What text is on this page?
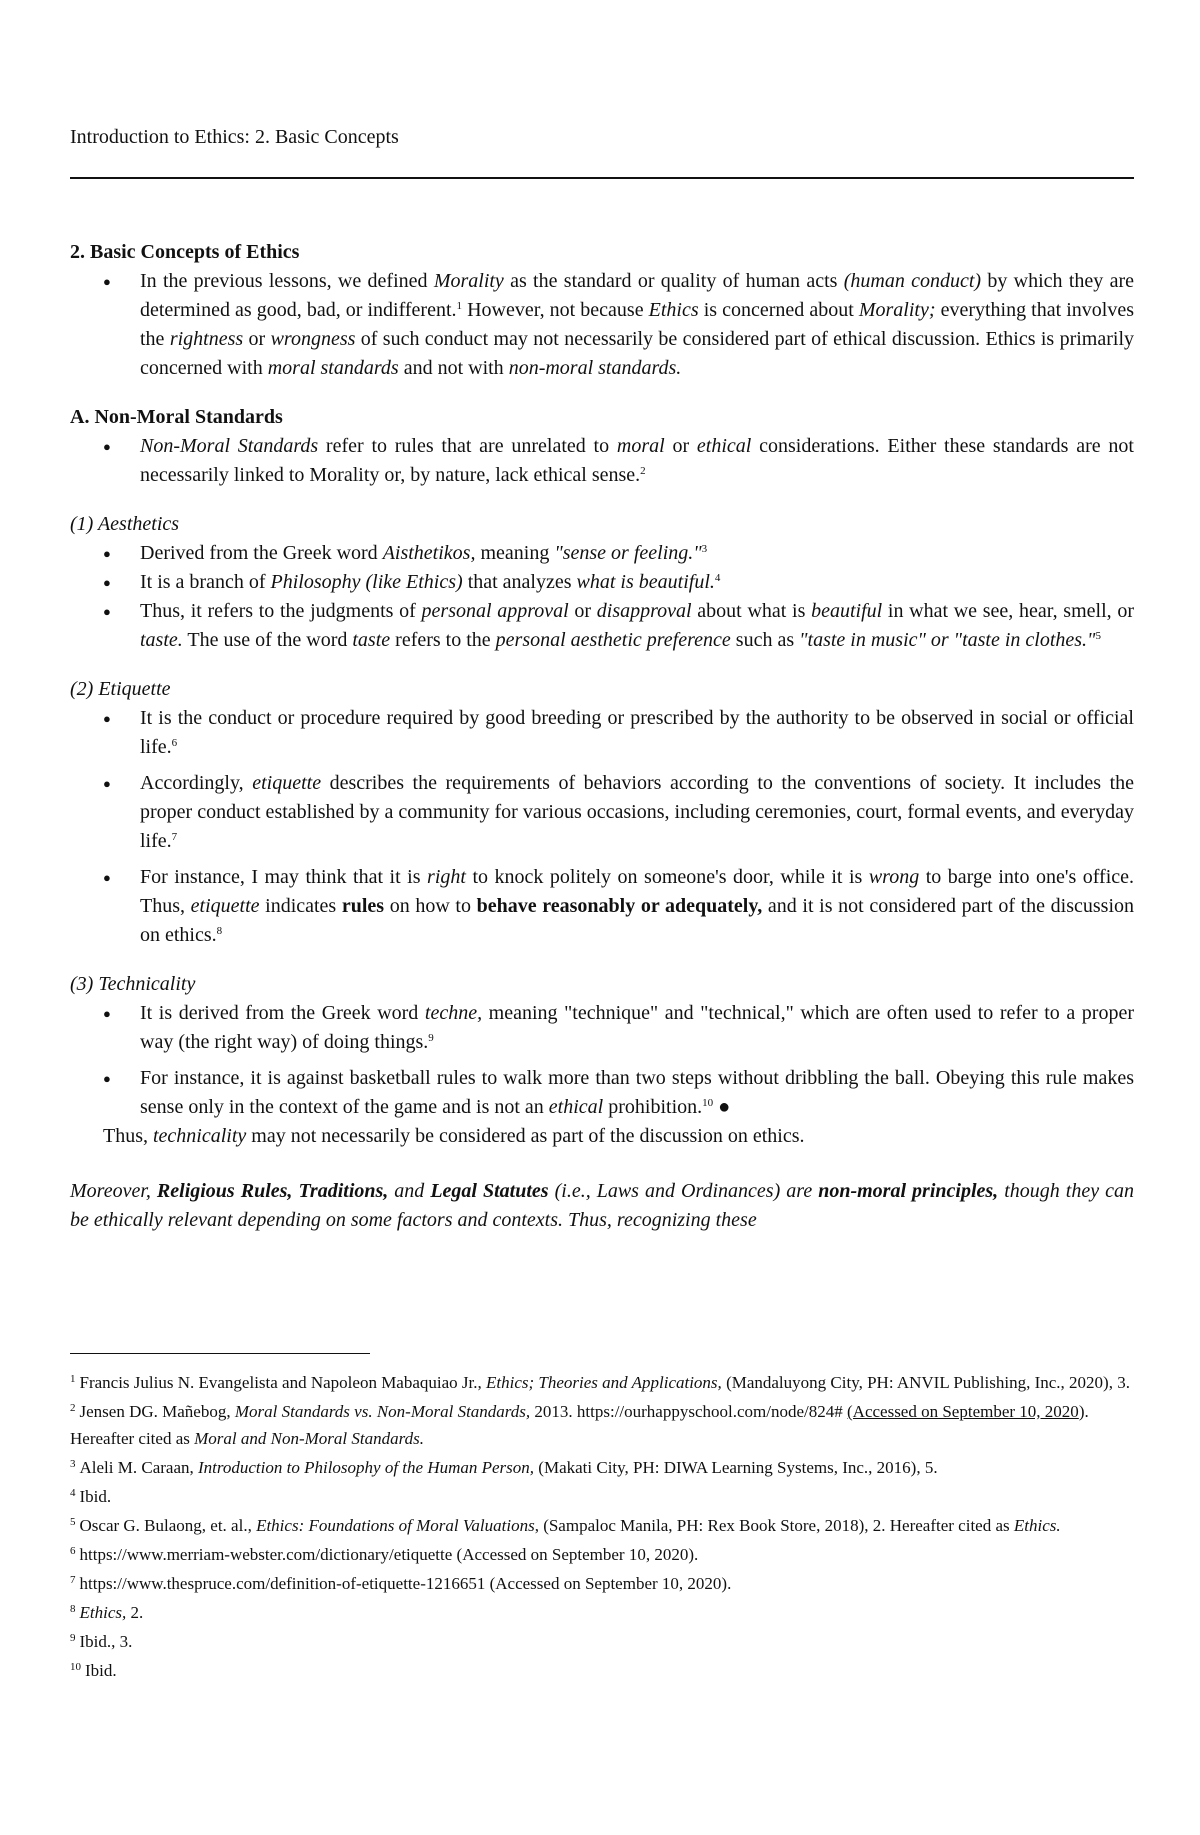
Introduction to Ethics: 2. Basic Concepts
2. Basic Concepts of Ethics
● In the previous lessons, we defined Morality as the standard or quality of human acts (human conduct) by which they are determined as good, bad, or indifferent.$^1$ However, not because Ethics is concerned about Morality; everything that involves the rightness or wrongness of such conduct may not necessarily be considered part of ethical discussion. Ethics is primarily concerned with moral standards and not with non-moral standards.
A. Non-Moral Standards
● Non-Moral Standards refer to rules that are unrelated to moral or ethical considerations. Either these standards are not necessarily linked to Morality or, by nature, lack ethical sense.$^2$
(1) Aesthetics
● Derived from the Greek word Aisthetikos, meaning "sense or feeling."$^3$
● It is a branch of Philosophy (like Ethics) that analyzes what is beautiful.$^4$
● Thus, it refers to the judgments of personal approval or disapproval about what is beautiful in what we see, hear, smell, or taste. The use of the word taste refers to the personal aesthetic preference such as "taste in music" or "taste in clothes."$^5$
(2) Etiquette
● It is the conduct or procedure required by good breeding or prescribed by the authority to be observed in social or official life.$^6$
● Accordingly, etiquette describes the requirements of behaviors according to the conventions of society. It includes the proper conduct established by a community for various occasions, including ceremonies, court, formal events, and everyday life.$^7$
● For instance, I may think that it is right to knock politely on someone's door, while it is wrong to barge into one's office. Thus, etiquette indicates rules on how to behave reasonably or adequately, and it is not considered part of the discussion on ethics.$^8$
(3) Technicality
● It is derived from the Greek word techne, meaning "technique" and "technical," which are often used to refer to a proper way (the right way) of doing things.$^9$
● For instance, it is against basketball rules to walk more than two steps without dribbling the ball. Obeying this rule makes sense only in the context of the game and is not an ethical prohibition.$^{10}$ ●
Thus, technicality may not necessarily be considered as part of the discussion on ethics.
Moreover, Religious Rules, Traditions, and Legal Statutes (i.e., Laws and Ordinances) are non-moral principles, though they can be ethically relevant depending on some factors and contexts. Thus, recognizing these
$^1$ Francis Julius N. Evangelista and Napoleon Mabaquiao Jr., Ethics; Theories and Applications, (Mandaluyong City, PH: ANVIL Publishing, Inc., 2020), 3.
$^2$ Jensen DG. Mañebog, Moral Standards vs. Non-Moral Standards, 2013. https://ourhappyschool.com/node/824# (Accessed on September 10, 2020). Hereafter cited as Moral and Non-Moral Standards.
$^3$ Aleli M. Caraan, Introduction to Philosophy of the Human Person, (Makati City, PH: DIWA Learning Systems, Inc., 2016), 5.
$^4$ Ibid.
$^5$ Oscar G. Bulaong, et. al., Ethics: Foundations of Moral Valuations, (Sampaloc Manila, PH: Rex Book Store, 2018), 2. Hereafter cited as Ethics.
$^6$ https://www.merriam-webster.com/dictionary/etiquette (Accessed on September 10, 2020).
$^7$ https://www.thespruce.com/definition-of-etiquette-1216651 (Accessed on September 10, 2020).
$^8$ Ethics, 2.
$^9$ Ibid., 3.
$^{10}$ Ibid.
